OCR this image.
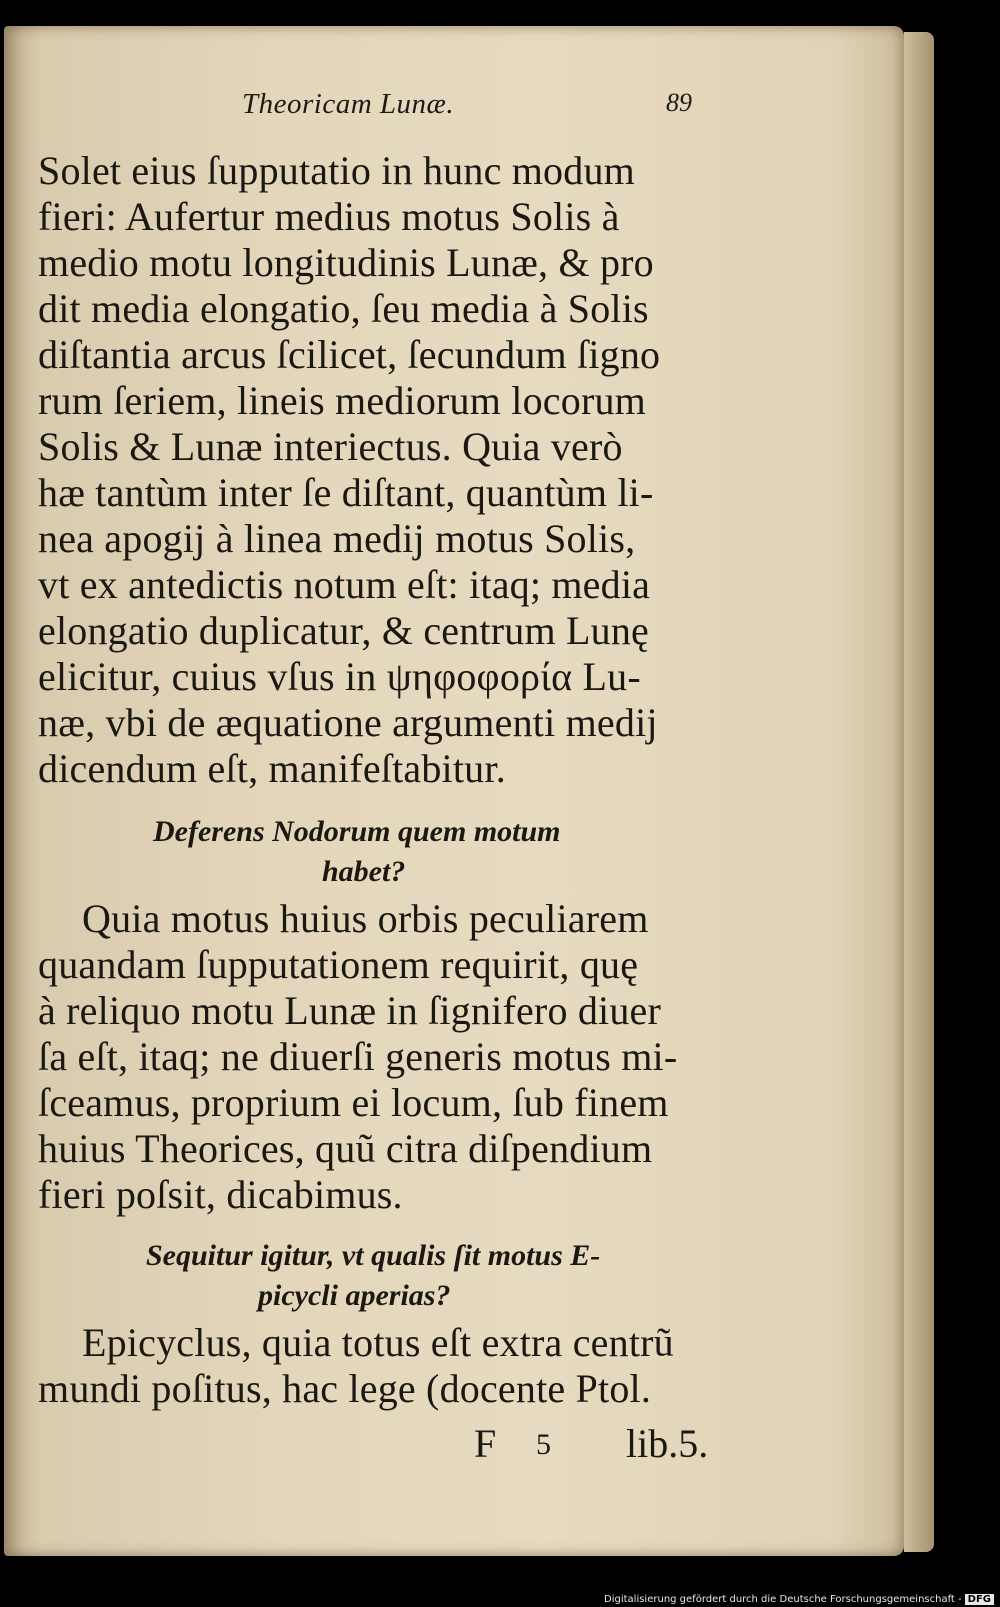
Theoricam Lunæ.	89
Solet eius ſupputatio in hunc modum
fieri: Aufertur medius motus Solis à
medio motu longitudinis Lunæ, & pro
dit media elongatio, ſeu media à Solis
diſtantia arcus ſcilicet, ſecundum ſigno
rum ſeriem, lineis mediorum locorum
Solis & Lunæ interiectus. Quia verò
hæ tantùm inter ſe diſtant, quantùm li-
nea apogij à linea medij motus Solis,
vt ex antedictis notum eſt: itaq; media
elongatio duplicatur, & centrum Lunę
elicitur, cuius vſus in ψηφοφορία Lu-
næ, vbi de æquatione argumenti medij
dicendum eſt, manifeſtabitur.
Deferens Nodorum quem motum
habet?
Quia motus huius orbis peculiarem
quandam ſupputationem requirit, quę
à reliquo motu Lunæ in ſignifero diuer
ſa eſt, itaq; ne diuerſi generis motus mi-
ſceamus, proprium ei locum, ſub finem
huius Theorices, quũ citra diſpendium
fieri poſsit, dicabimus.
Sequitur igitur, vt qualis ſit motus E-
picycli aperias?
Epicyclus, quia totus eſt extra centrũ
mundi poſitus, hac lege (docente Ptol.
F 5 lib.5.
Digitalisierung gefördert durch die Deutsche Forschungsgemeinschaft - DFG
